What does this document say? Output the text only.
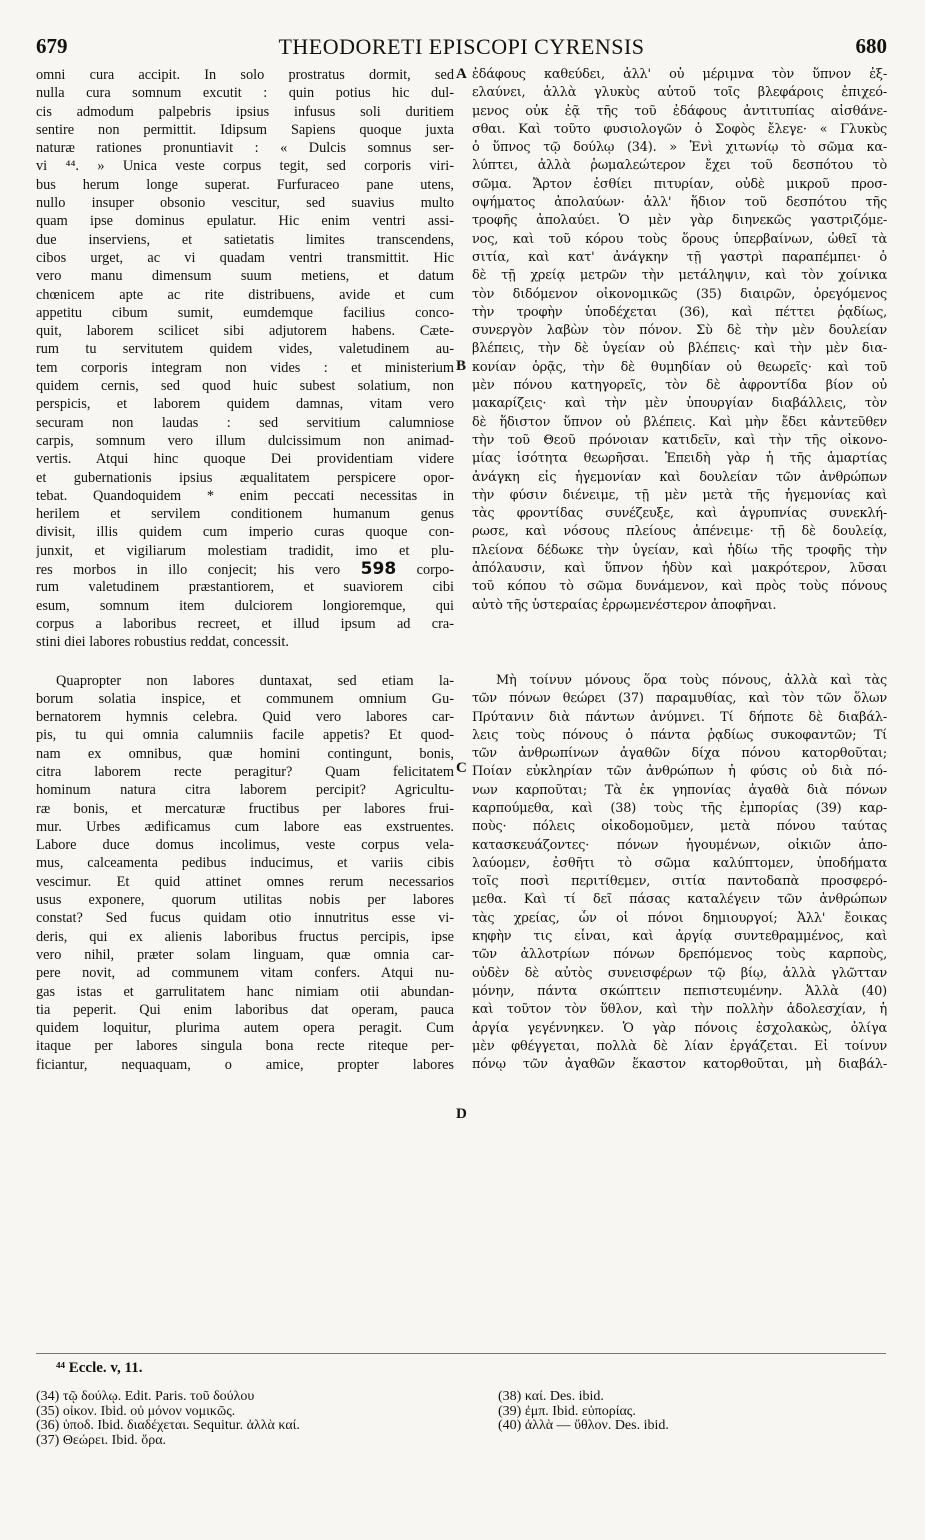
679	THEODORETI EPISCOPI CYRENSIS	680
omni cura accipit. In solo prostratus dormit, sed
nulla cura somnum excutit : quin potius hic dul-
cis admodum palpebris ipsius infusus soli duritiem
sentire non permittit. Idipsum Sapiens quoque juxta
naturæ rationes pronuntiavit : « Dulcis somnus ser-
vi ⁴⁴. » Unica veste corpus tegit, sed corporis viri-
bus herum longe superat. Furfuraceo pane utens,
nullo insuper obsonio vescitur, sed suavius multo
quam ipse dominus epulatur. Hic enim ventri assi-
due inserviens, et satietatis limites transcendens,
cibos urget, ac vi quadam ventri transmittit. Hic
vero manu dimensum suum metiens, et datum
chœnicem apte ac rite distribuens, avide et cum
appetitu cibum sumit, eumdemque facilius conco-
quit, laborem scilicet sibi adjutorem habens. Cæte-
rum tu servitutem quidem vides, valetudinem au-
tem corporis integram non vides : et ministerium
quidem cernis, sed quod huic subest solatium, non
perspicis, et laborem quidem damnas, vitam vero
securam non laudas : sed servitium calumniose
carpis, somnum vero illum dulcissimum non animad-
vertis. Atqui hinc quoque Dei providentiam videre
et gubernationis ipsius æqualitatem perspicere opor-
tebat. Quandoquidem * enim peccati necessitas in
herilem et servilem conditionem humanum genus
divisit, illis quidem cum imperio curas quoque con-
junxit, et vigiliarum molestiam tradidit, imo et plu-
res morbos in illo conjecit; his vero 598 corpo-
rum valetudinem præstantiorem, et suaviorem cibi
esum, somnum item dulciorem longioremque, qui
corpus a laboribus recreet, et illud ipsum ad cra-
stini diei labores robustius reddat, concessit.
Quapropter non labores duntaxat, sed etiam la-
borum solatia inspice, et communem omnium Gu-
bernatorem hymnis celebra. Quid vero labores car-
pis, tu qui omnia calumniis facile appetis? Et quod-
nam ex omnibus, quæ homini contingunt, bonis,
citra laborem recte peragitur? Quam felicitatem
hominum natura citra laborem percipit? Agricultu-
ræ bonis, et mercaturæ fructibus per labores frui-
mur. Urbes ædificamus cum labore eas exstruentes.
Labore duce domus incolimus, veste corpus vela-
mus, calceamenta pedibus inducimus, et variis cibis
vescimur. Et quid attinet omnes rerum necessarios
usus exponere, quorum utilitas nobis per labores
constat? Sed fucus quidam otio innutritus esse vi-
deris, qui ex alienis laboribus fructus percipis, ipse
vero nihil, præter solam linguam, quæ omnia car-
pere novit, ad communem vitam confers. Atqui nu-
gas istas et garrulitatem hanc nimiam otii abundan-
tia peperit. Qui enim laboribus dat operam, pauca
quidem loquitur, plurima autem opera peragit. Cum
itaque per labores singula bona recte riteque per-
ficiantur, nequaquam, o amice, propter labores
ἐδάφους καθεύδει, ἀλλ' οὐ μέριμνα τὸν ὕπνον ἐξ-
ελαύνει, ἀλλὰ γλυκὺς αὐτοῦ τοῖς βλεφάροις ἐπιχεό-
μενος οὐκ ἐᾷ τῆς τοῦ ἐδάφους ἀντιτυπίας αἰσθάνε-
σθαι. Καὶ τοῦτο φυσιολογῶν ὁ Σοφὸς ἔλεγε· « Γλυκὺς
ὁ ὕπνος τῷ δούλῳ (34). » Ἑνὶ χιτωνίῳ τὸ σῶμα κα-
λύπτει, ἀλλὰ ῥωμαλεώτερον ἔχει τοῦ δεσπότου τὸ
σῶμα. Ἄρτον ἐσθίει πιτυρίαν, οὐδὲ μικροῦ προσ-
οψήματος ἀπολαύων· ἀλλ' ἥδιον τοῦ δεσπότου τῆς
τροφῆς ἀπολαύει. Ὁ μὲν γὰρ διηνεκῶς γαστριζόμε-
νος, καὶ τοῦ κόρου τοὺς ὅρους ὑπερβαίνων, ὠθεῖ τὰ
σιτία, καὶ κατ' ἀνάγκην τῇ γαστρὶ παραπέμπει· ὁ
δὲ τῇ χρείᾳ μετρῶν τὴν μετάληψιν, καὶ τὸν χοίνικα
τὸν διδόμενον οἰκονομικῶς (35) διαιρῶν, ὀρεγόμενος
τὴν τροφὴν ὑποδέχεται (36), καὶ πέττει ῥᾳδίως,
συνεργὸν λαβὼν τὸν πόνον. Σὺ δὲ τὴν μὲν δουλείαν
βλέπεις, τὴν δὲ ὑγείαν οὐ βλέπεις· καὶ τὴν μὲν δια-
κονίαν ὁρᾷς, τὴν δὲ θυμηδίαν οὐ θεωρεῖς· καὶ τοῦ
μὲν πόνου κατηγορεῖς, τὸν δὲ ἀφροντίδα βίον οὐ
μακαρίζεις· καὶ τὴν μὲν ὑπουργίαν διαβάλλεις, τὸν
δὲ ἥδιστον ὕπνον οὐ βλέπεις. Καὶ μὴν ἔδει κἀντεῦθεν
τὴν τοῦ Θεοῦ πρόνοιαν κατιδεῖν, καὶ τὴν τῆς οἰκονο-
μίας ἰσότητα θεωρῆσαι. Ἐπειδὴ γὰρ ἡ τῆς ἁμαρτίας
ἀνάγκη εἰς ἡγεμονίαν καὶ δουλείαν τῶν ἀνθρώπων
τὴν φύσιν διένειμε, τῇ μὲν μετὰ τῆς ἡγεμονίας καὶ
τὰς φροντίδας συνέζευξε, καὶ ἀγρυπνίας συνεκλή-
ρωσε, καὶ νόσους πλείους ἀπένειμε· τῇ δὲ δουλείᾳ,
πλείονα δέδωκε τὴν ὑγείαν, καὶ ἡδίω τῆς τροφῆς τὴν
ἀπόλαυσιν, καὶ ὕπνον ἡδὺν καὶ μακρότερον, λῦσαι
τοῦ κόπου τὸ σῶμα δυνάμενον, καὶ πρὸς τοὺς πόνους
αὐτὸ τῆς ὑστεραίας ἐρρωμενέστερον ἀποφῆναι.
Μὴ τοίνυν μόνους ὅρα τοὺς πόνους, ἀλλὰ καὶ τὰς
τῶν πόνων θεώρει (37) παραμυθίας, καὶ τὸν τῶν ὅλων
Πρύτανιν διὰ πάντων ἀνύμνει. Τί δήποτε δὲ διαβάλ-
λεις τοὺς πόνους ὁ πάντα ῥᾳδίως συκοφαντῶν; Τί
τῶν ἀνθρωπίνων ἀγαθῶν δίχα πόνου κατορθοῦται;
Ποίαν εὐκληρίαν τῶν ἀνθρώπων ἡ φύσις οὐ διὰ πό-
νων καρποῦται; Τὰ ἐκ γηπονίας ἀγαθὰ διὰ πόνων
καρπούμεθα, καὶ (38) τοὺς τῆς ἐμπορίας (39) καρ-
ποὺς· πόλεις οἰκοδομοῦμεν, μετὰ πόνου ταύτας
κατασκευάζοντες· πόνων ἡγουμένων, οἰκιῶν ἀπο-
λαύομεν, ἐσθῆτι τὸ σῶμα καλύπτομεν, ὑποδήματα
τοῖς ποσὶ περιτίθεμεν, σιτία παντοδαπὰ προσφερό-
μεθα. Καὶ τί δεῖ πάσας καταλέγειν τῶν ἀνθρώπων
τὰς χρείας, ὧν οἱ πόνοι δημιουργοί; Ἀλλ' ἔοικας
κηφὴν τις εἶναι, καὶ ἀργίᾳ συντεθραμμένος, καὶ
τῶν ἀλλοτρίων πόνων δρεπόμενος τοὺς καρποὺς,
οὐδὲν δὲ αὐτὸς συνεισφέρων τῷ βίῳ, ἀλλὰ γλῶτταν
μόνην, πάντα σκώπτειν πεπιστευμένην. Ἀλλὰ (40)
καὶ τοῦτον τὸν ὕθλον, καὶ τὴν πολλὴν ἀδολεσχίαν, ἡ
ἀργία γεγέννηκεν. Ὁ γὰρ πόνοις ἐσχολακὼς, ὀλίγα
μὲν φθέγγεται, πολλὰ δὲ λίαν ἐργάζεται. Εἰ τοίνυν
πόνῳ τῶν ἀγαθῶν ἕκαστον κατορθοῦται, μὴ διαβάλ-
A
B
C
D
⁴⁴ Eccle. v, 11.
(34) τῷ δούλῳ. Edit. Paris. τοῦ δούλου
(35) οἰκον. Ibid. οὐ μόνον νομικῶς.
(36) ὑποδ. Ibid. διαδέχεται. Sequitur. ἀλλὰ καί.
(37) Θεώρει. Ibid. ὅρα.
(38) καί. Des. ibid.
(39) ἐμπ. Ibid. εὐπορίας.
(40) ἀλλὰ — ὕθλον. Des. ibid.
